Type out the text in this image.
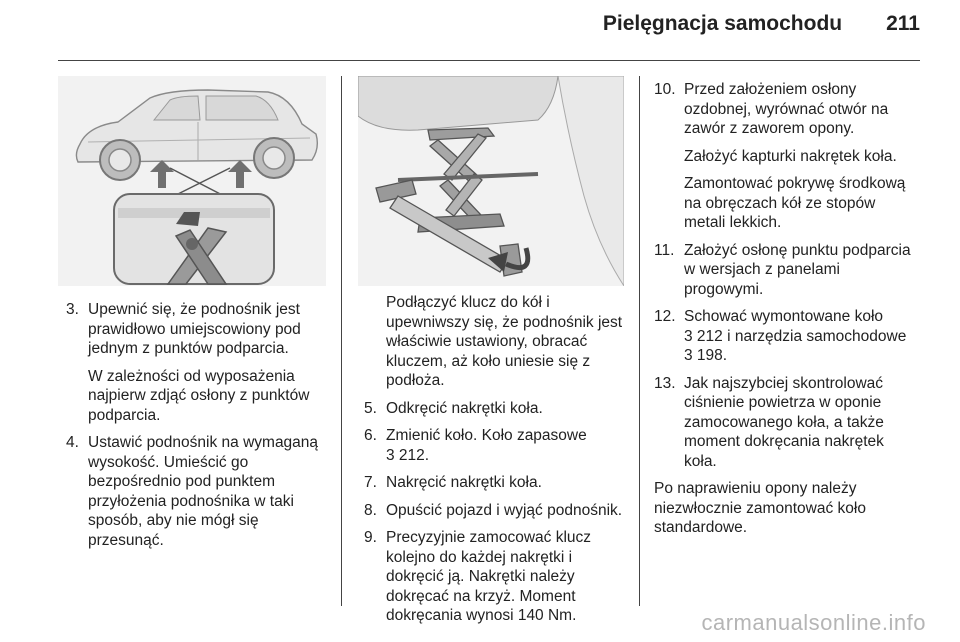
Pielęgnacja samochodu 211
3. Upewnić się, że podnośnik jest prawidłowo umiejscowiony pod jednym z punktów podparcia.
W zależności od wyposażenia najpierw zdjąć osłony z punktów podparcia.
4. Ustawić podnośnik na wymaganą wysokość. Umieścić go bezpośrednio pod punktem przyłożenia podnośnika w taki sposób, aby nie mógł się przesunąć.
Podłączyć klucz do kół i upewniwszy się, że podnośnik jest właściwie ustawiony, obracać kluczem, aż koło uniesie się z podłoża.
5. Odkręcić nakrętki koła.
6. Zmienić koło. Koło zapasowe
3 212.
7. Nakręcić nakrętki koła.
8. Opuścić pojazd i wyjąć podnośnik.
9. Precyzyjnie zamocować klucz kolejno do każdej nakrętki i dokręcić ją. Nakrętki należy dokręcać na krzyż. Moment dokręcania wynosi 140 Nm.
10. Przed założeniem osłony ozdobnej, wyrównać otwór na zawór z zaworem opony.
Założyć kapturki nakrętek koła.
Zamontować pokrywę środkową na obręczach kół ze stopów metali lekkich.
11. Założyć osłonę punktu podparcia w wersjach z panelami progowymi.
12. Schować wymontowane koło
3 212 i narzędzia samochodowe
3 198.
13. Jak najszybciej skontrolować ciśnienie powietrza w oponie zamocowanego koła, a także moment dokręcania nakrętek koła.
Po naprawieniu opony należy niezwłocznie zamontować koło standardowe.
carmanualsonline.info
